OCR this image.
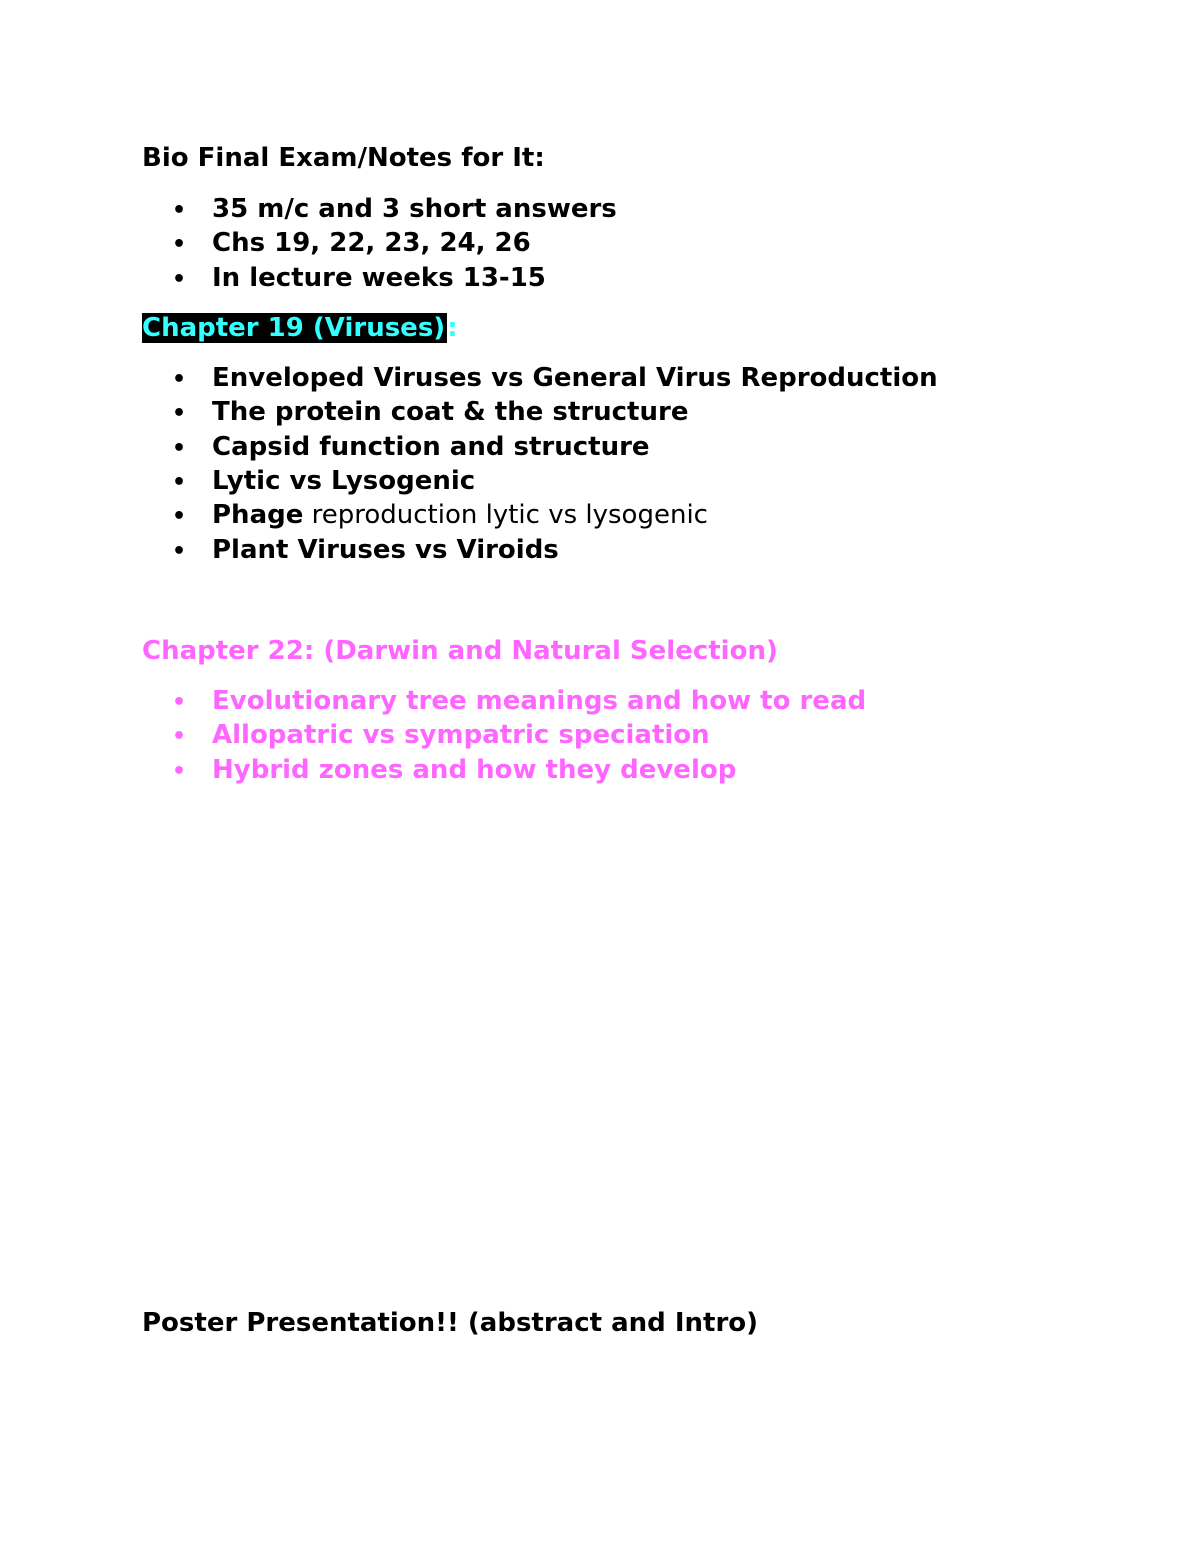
Bio Final Exam/Notes for It:
• 35 m/c and 3 short answers
• Chs 19, 22, 23, 24, 26
• In lecture weeks 13-15
Chapter 19 (Viruses):
• Enveloped Viruses vs General Virus Reproduction
• The protein coat & the structure
• Capsid function and structure
• Lytic vs Lysogenic
• Phage reproduction lytic vs lysogenic
• Plant Viruses vs Viroids
Chapter 22: (Darwin and Natural Selection)
• Evolutionary tree meanings and how to read
• Allopatric vs sympatric speciation
• Hybrid zones and how they develop
Poster Presentation!! (abstract and Intro)
